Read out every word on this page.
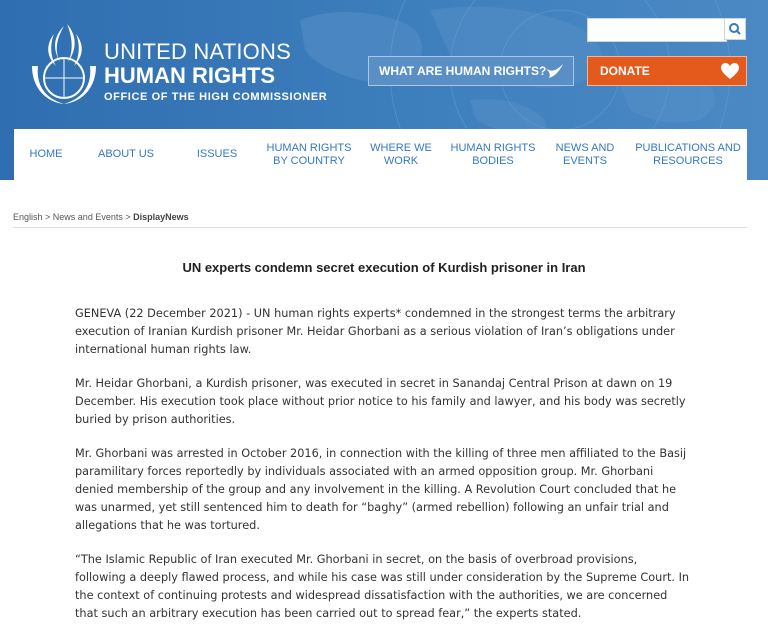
UNITED NATIONS
HUMAN RIGHTS
OFFICE OF THE HIGH COMMISSIONER
WHAT ARE HUMAN RIGHTS?	DONATE
HOME	ABOUT US	ISSUES
HUMAN RIGHTS
BY COUNTRY
WHERE WE
WORK
HUMAN RIGHTS
BODIES
NEWS AND
EVENTS
PUBLICATIONS AND
RESOURCES
English > News and Events > DisplayNews
UN experts condemn secret execution of Kurdish prisoner in Iran

GENEVA (22 December 2021) - UN human rights experts* condemned in the strongest terms the arbitrary execution of Iranian Kurdish prisoner Mr. Heidar Ghorbani as a serious violation of Iran’s obligations under international human rights law.

Mr. Heidar Ghorbani, a Kurdish prisoner, was executed in secret in Sanandaj Central Prison at dawn on 19 December. His execution took place without prior notice to his family and lawyer, and his body was secretly buried by prison authorities.

Mr. Ghorbani was arrested in October 2016, in connection with the killing of three men affiliated to the Basij paramilitary forces reportedly by individuals associated with an armed opposition group. Mr. Ghorbani denied membership of the group and any involvement in the killing. A Revolution Court concluded that he was unarmed, yet still sentenced him to death for “baghy” (armed rebellion) following an unfair trial and allegations that he was tortured.

“The Islamic Republic of Iran executed Mr. Ghorbani in secret, on the basis of overbroad provisions, following a deeply flawed process, and while his case was still under consideration by the Supreme Court. In the context of continuing protests and widespread dissatisfaction with the authorities, we are concerned that such an arbitrary execution has been carried out to spread fear,” the experts stated.
